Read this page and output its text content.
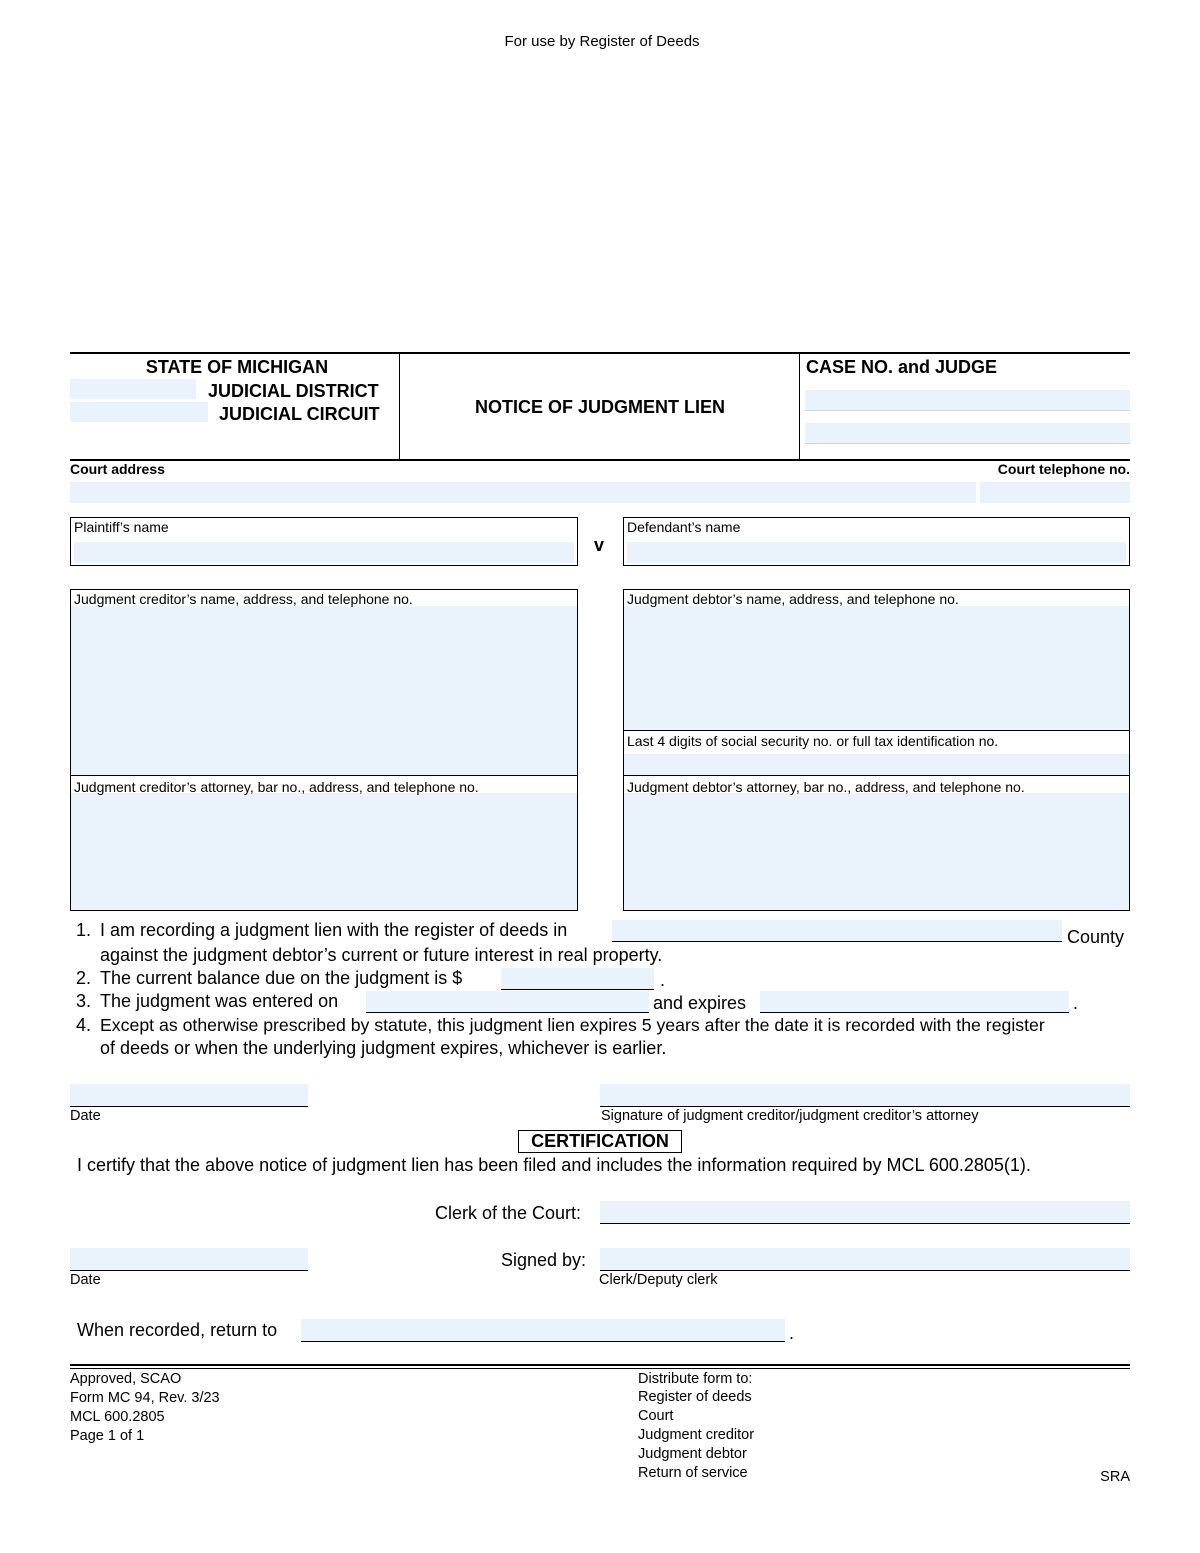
For use by Register of Deeds
STATE OF MICHIGAN
JUDICIAL DISTRICT
JUDICIAL CIRCUIT	NOTICE OF JUDGMENT LIEN
CASE NO. and JUDGE
Court address	Court telephone no.
Plaintiff’s name
v
Defendant’s name
Judgment creditor’s name, address, and telephone no.
Judgment creditor’s attorney, bar no., address, and telephone no.
Judgment debtor’s name, address, and telephone no.
Last 4 digits of social security no. or full tax identification no.
Judgment debtor’s attorney, bar no., address, and telephone no.
1. I am recording a judgment lien with the register of deeds in	County
against the judgment debtor’s current or future interest in real property.
2. The current balance due on the judgment is $	.
3. The judgment was entered on	and expires	.
4. Except as otherwise prescribed by statute, this judgment lien expires 5 years after the date it is recorded with the register
of deeds or when the underlying judgment expires, whichever is earlier.
Date	Signature of judgment creditor/judgment creditor’s attorney
CERTIFICATION
I certify that the above notice of judgment lien has been filed and includes the information required by MCL 600.2805(1).
Clerk of the Court:
Date
Signed by:
Clerk/Deputy clerk
When recorded, return to	.
Approved, SCAO
Form MC 94, Rev. 3/23
MCL 600.2805
Page 1 of 1
Distribute form to:
Register of deeds
Court
Judgment creditor
Judgment debtor
Return of service	SRA
